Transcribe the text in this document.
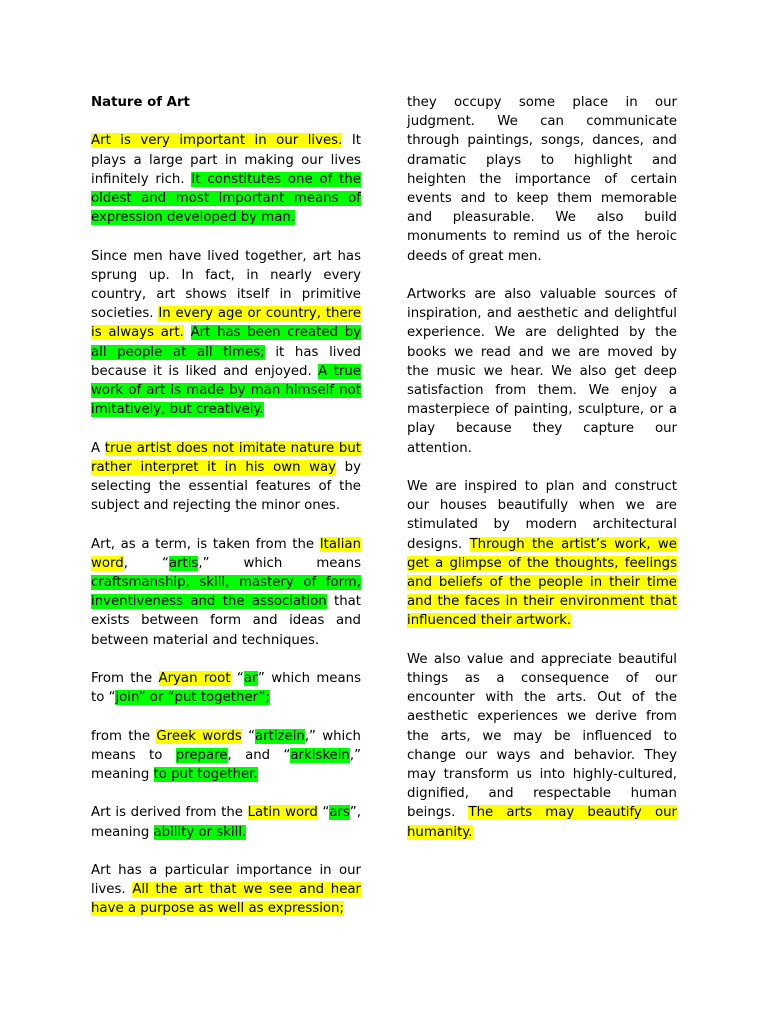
Nature of Art

Art is very important in our lives. It plays a large part in making our lives infinitely rich. It constitutes one of the oldest and most important means of expression developed by man.

Since men have lived together, art has sprung up. In fact, in nearly every country, art shows itself in primitive societies. In every age or country, there is always art. Art has been created by all people at all times; it has lived because it is liked and enjoyed. A true work of art is made by man himself not imitatively, but creatively.

A true artist does not imitate nature but rather interpret it in his own way by selecting the essential features of the subject and rejecting the minor ones.

Art, as a term, is taken from the Italian word, “artis,” which means craftsmanship, skill, mastery of form, inventiveness and the association that exists between form and ideas and between material and techniques.

From the Aryan root “ar” which means to “join” or “put together”;

from the Greek words “artizein,” which means to prepare, and “arkiskein,” meaning to put together.

Art is derived from the Latin word “ars”, meaning ability or skill.

Art has a particular importance in our lives. All the art that we see and hear have a purpose as well as expression;

they occupy some place in our judgment. We can communicate through paintings, songs, dances, and dramatic plays to highlight and heighten the importance of certain events and to keep them memorable and pleasurable. We also build monuments to remind us of the heroic deeds of great men.

Artworks are also valuable sources of inspiration, and aesthetic and delightful experience. We are delighted by the books we read and we are moved by the music we hear. We also get deep satisfaction from them. We enjoy a masterpiece of painting, sculpture, or a play because they capture our attention.

We are inspired to plan and construct our houses beautifully when we are stimulated by modern architectural designs. Through the artist’s work, we get a glimpse of the thoughts, feelings and beliefs of the people in their time and the faces in their environment that influenced their artwork.

We also value and appreciate beautiful things as a consequence of our encounter with the arts. Out of the aesthetic experiences we derive from the arts, we may be influenced to change our ways and behavior. They may transform us into highly-cultured, dignified, and respectable human beings. The arts may beautify our humanity.
